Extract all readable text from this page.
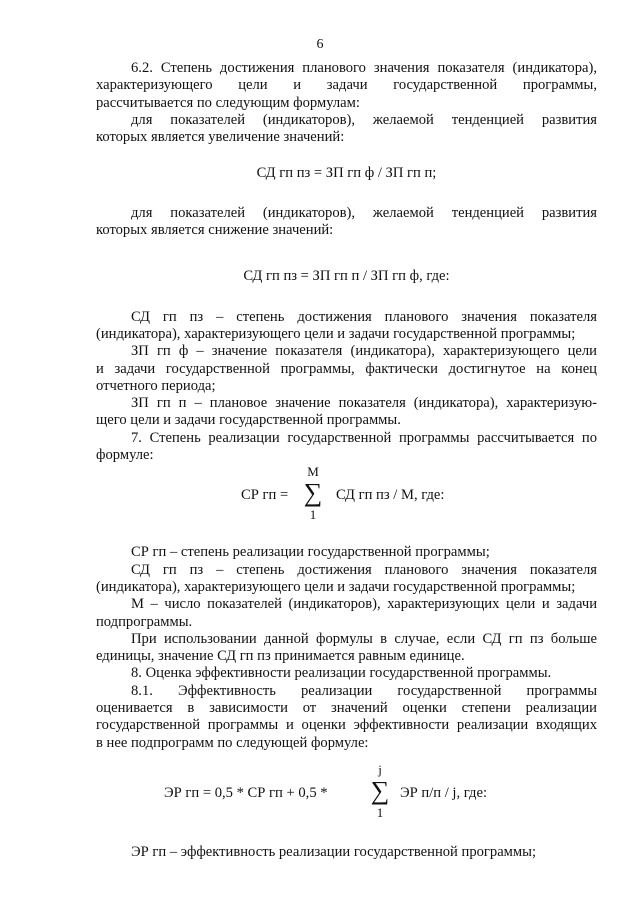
6

6.2. Степень достижения планового значения показателя (индикатора),

характеризующего цели и задачи государственной программы,

рассчитывается по следующим формулам:

для показателей (индикаторов), желаемой тенденцией развития

которых является увеличение значений:

СД гп пз = ЗП гп ф / ЗП гп п;

для показателей (индикаторов), желаемой тенденцией развития

которых является снижение значений:

СД гп пз = ЗП гп п / ЗП гп ф, где:

СД гп пз – степень достижения планового значения показателя

(индикатора), характеризующего цели и задачи государственной программы;

ЗП гп ф – значение показателя (индикатора), характеризующего цели

и задачи государственной программы, фактически достигнутое на конец

отчетного периода;

ЗП гп п – плановое значение показателя (индикатора), характеризую-

щего цели и задачи государственной программы.

7. Степень реализации государственной программы рассчитывается по

формуле:

СР гп =
М
∑
1
СД гп пз / М, где:

СР гп – степень реализации государственной программы;

СД гп пз – степень достижения планового значения показателя

(индикатора), характеризующего цели и задачи государственной программы;

М – число показателей (индикаторов), характеризующих цели и задачи

подпрограммы.

При использовании данной формулы в случае, если СД гп пз больше

единицы, значение СД гп пз принимается равным единице.

8. Оценка эффективности реализации государственной программы.

8.1. Эффективность реализации государственной программы

оценивается в зависимости от значений оценки степени реализации

государственной программы и оценки эффективности реализации входящих

в нее подпрограмм по следующей формуле:

ЭР гп = 0,5 * СР гп + 0,5 *
j
∑
1
ЭР п/п / j, где:

ЭР гп – эффективность реализации государственной программы;
